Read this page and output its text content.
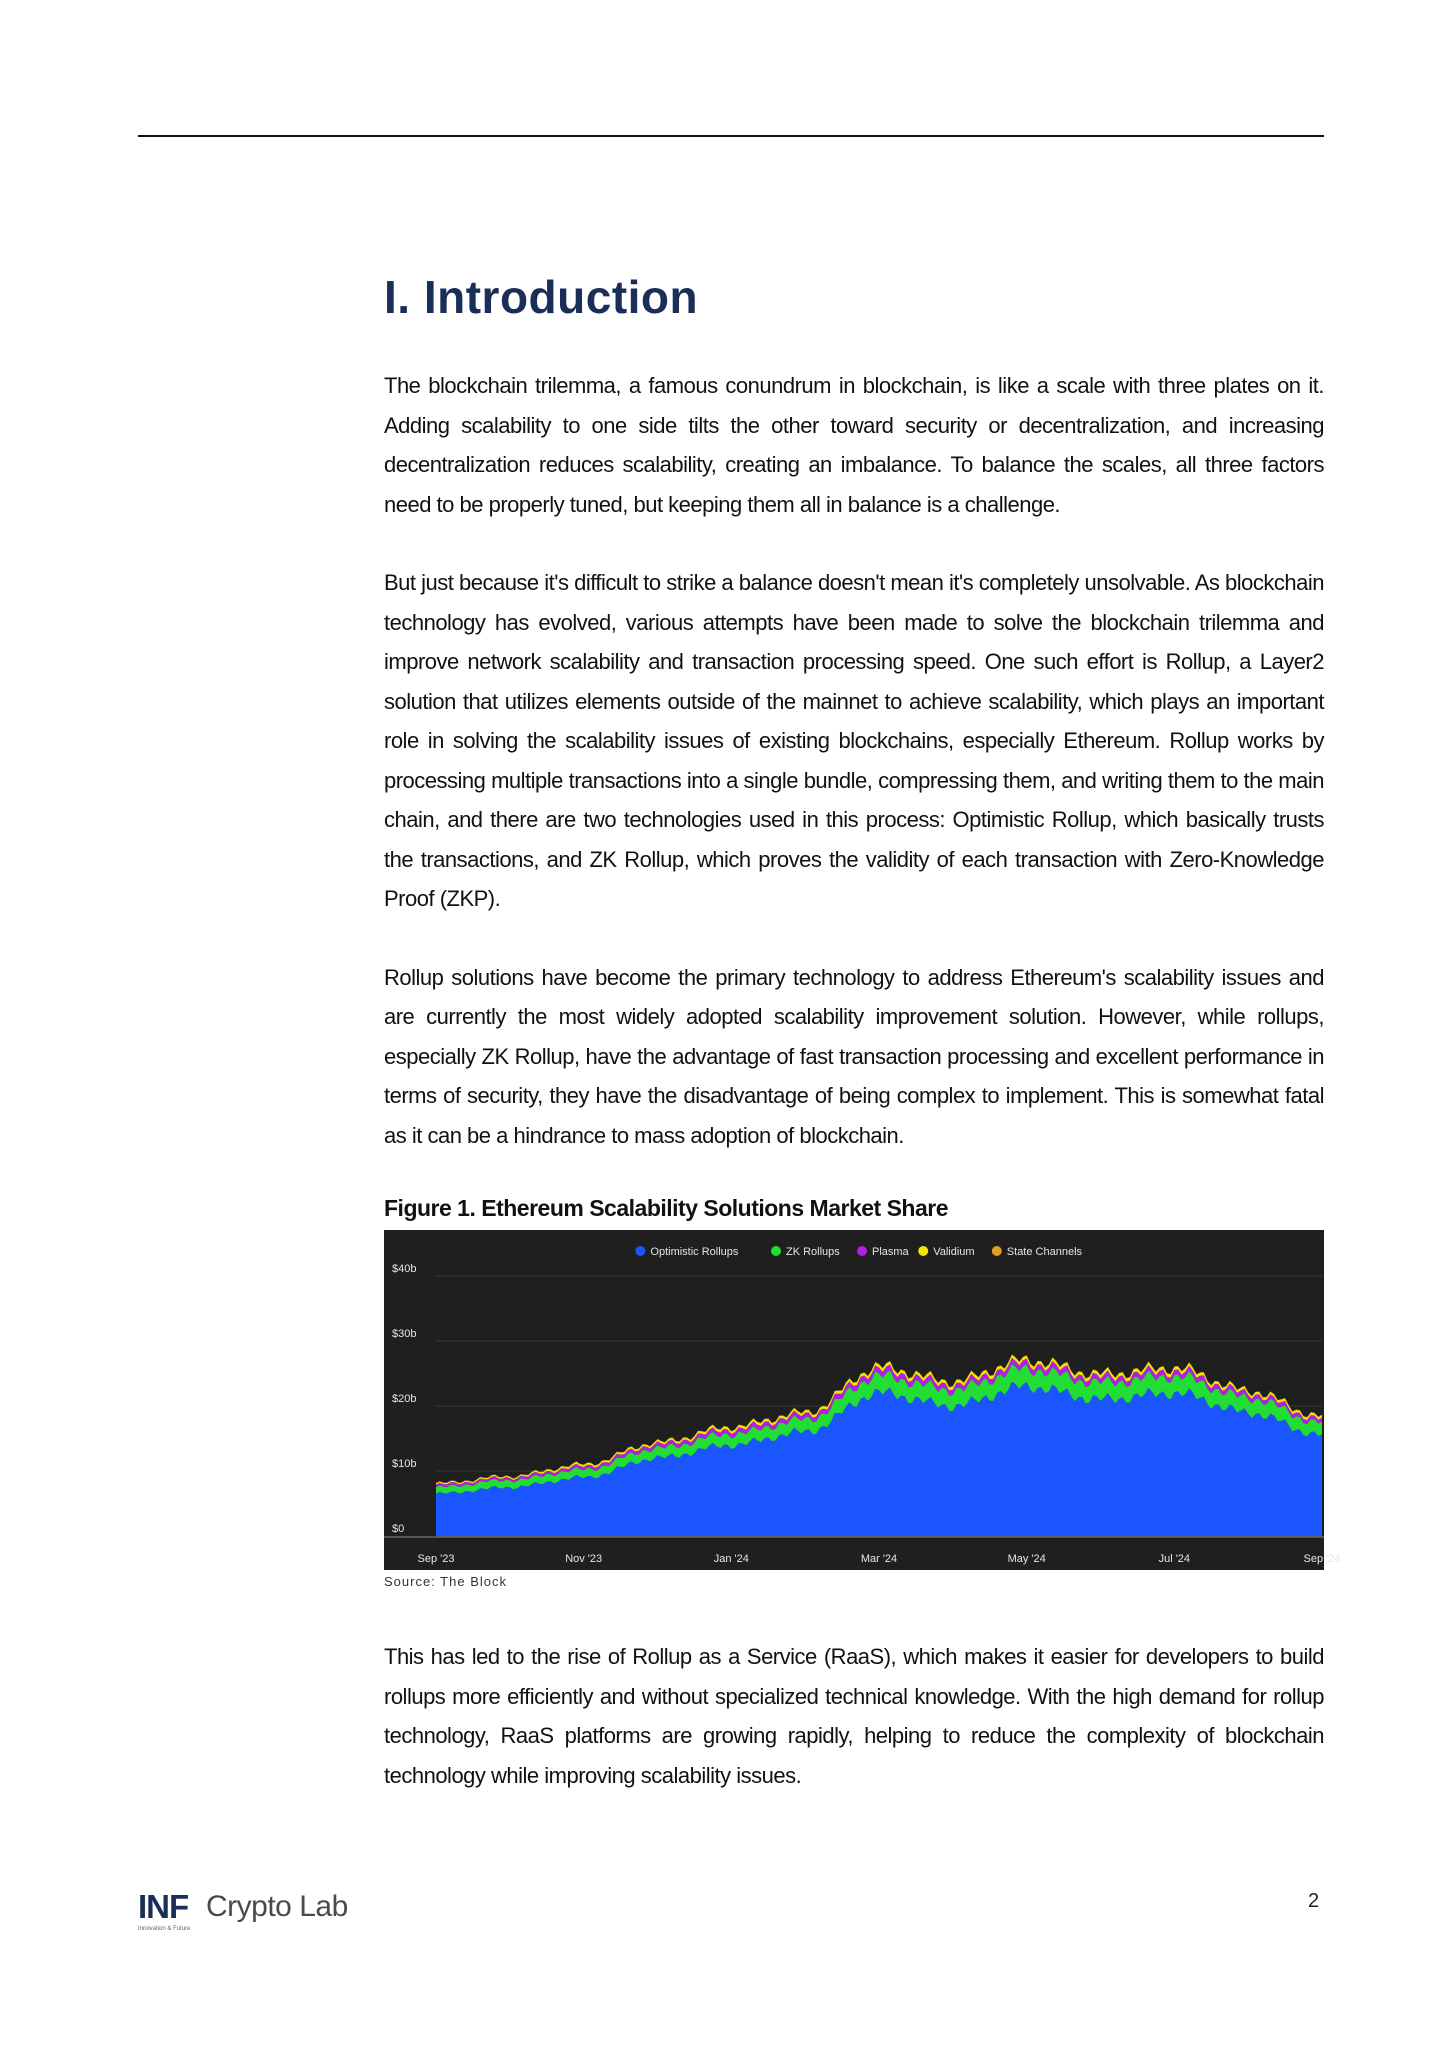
I. Introduction

The blockchain trilemma, a famous conundrum in blockchain, is like a scale with three plates on it. Adding scalability to one side tilts the other toward security or decentralization, and increasing decentralization reduces scalability, creating an imbalance. To balance the scales, all three factors need to be properly tuned, but keeping them all in balance is a challenge.

But just because it's difficult to strike a balance doesn't mean it's completely unsolvable. As blockchain technology has evolved, various attempts have been made to solve the blockchain trilemma and improve network scalability and transaction processing speed. One such effort is Rollup, a Layer2 solution that utilizes elements outside of the mainnet to achieve scalability, which plays an important role in solving the scalability issues of existing blockchains, especially Ethereum. Rollup works by processing multiple transactions into a single bundle, compressing them, and writing them to the main chain, and there are two technologies used in this process: Optimistic Rollup, which basically trusts the transactions, and ZK Rollup, which proves the validity of each transaction with Zero-Knowledge Proof (ZKP).

Rollup solutions have become the primary technology to address Ethereum's scalability issues and are currently the most widely adopted scalability improvement solution. However, while rollups, especially ZK Rollup, have the advantage of fast transaction processing and excellent performance in terms of security, they have the disadvantage of being complex to implement. This is somewhat fatal as it can be a hindrance to mass adoption of blockchain.

Figure 1. Ethereum Scalability Solutions Market Share
$0
$10b
$20b
$30b
$40b
Sep '23	Nov '23	Jan '24	Mar '24	May '24	Jul '24	Sep '24
Optimistic Rollups	ZK Rollups	Plasma Validium	State Channels
Source: The Block

This has led to the rise of Rollup as a Service (RaaS), which makes it easier for developers to build rollups more efficiently and without specialized technical knowledge. With the high demand for rollup technology, RaaS platforms are growing rapidly, helping to reduce the complexity of blockchain technology while improving scalability issues.

INF Crypto Lab
Innovation & Future
2
